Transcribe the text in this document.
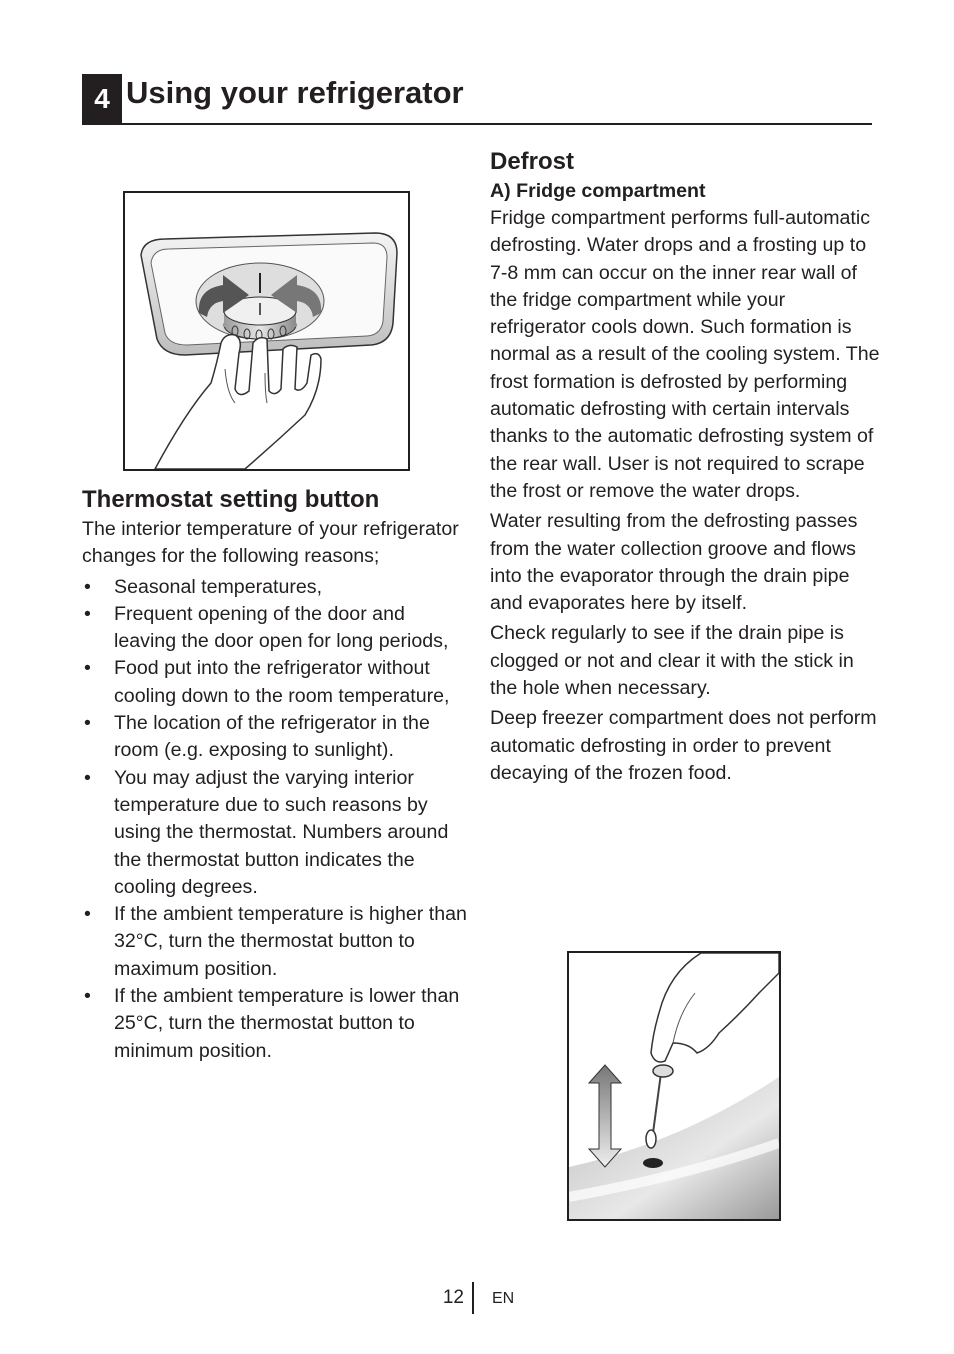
4 Using your refrigerator
Thermostat setting button

The interior temperature of your refrigerator changes for the following reasons;

• Seasonal temperatures,
• Frequent opening of the door and leaving the door open for long periods,
• Food put into the refrigerator without cooling down to the room temperature,
• The location of the refrigerator in the room (e.g. exposing to sunlight).
• You may adjust the varying interior temperature due to such reasons by using the thermostat. Numbers around the thermostat button indicates the cooling degrees.
• If the ambient temperature is higher than 32°C, turn the thermostat button to maximum position.
• If the ambient temperature is lower than 25°C, turn the thermostat button to minimum position.
Defrost
A) Fridge compartment

Fridge compartment performs full-automatic defrosting. Water drops and a frosting up to 7-8 mm can occur on the inner rear wall of the fridge compartment while your refrigerator cools down. Such formation is normal as a result of the cooling system. The frost formation is defrosted by performing automatic defrosting with certain intervals thanks to the automatic defrosting system of the rear wall. User is not required to scrape the frost or remove the water drops.

Water resulting from the defrosting passes from the water collection groove and flows into the evaporator through the drain pipe and evaporates here by itself.

Check regularly to see if the drain pipe is clogged or not and clear it with the stick in the hole when necessary.

Deep freezer compartment does not perform automatic defrosting in order to prevent decaying of the frozen food.

12 EN
